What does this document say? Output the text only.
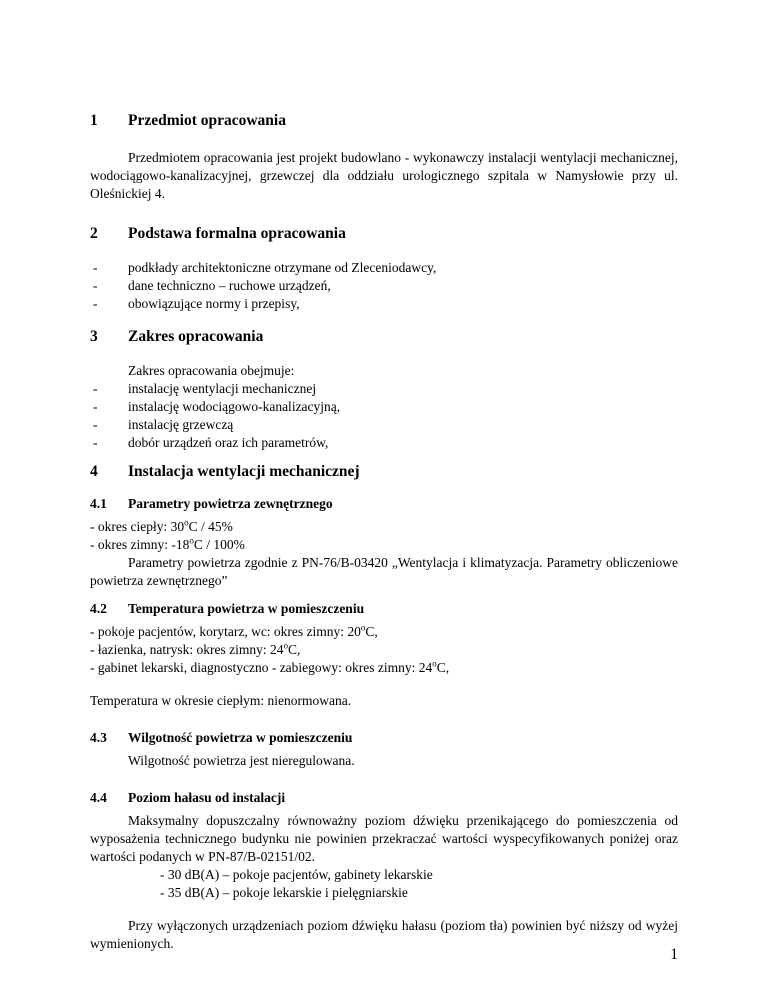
1 Przedmiot opracowania
Przedmiotem opracowania jest projekt budowlano - wykonawczy instalacji wentylacji mechanicznej, wodociągowo-kanalizacyjnej, grzewczej dla oddziału urologicznego szpitala w Namysłowie przy ul. Oleśnickiej 4.
2 Podstawa formalna opracowania
- podkłady architektoniczne otrzymane od Zleceniodawcy,
- dane techniczno – ruchowe urządzeń,
- obowiązujące normy i przepisy,
3 Zakres opracowania
Zakres opracowania obejmuje:
- instalację wentylacji mechanicznej
- instalację wodociągowo-kanalizacyjną,
- instalację grzewczą
- dobór urządzeń oraz ich parametrów,
4 Instalacja wentylacji mechanicznej
4.1 Parametry powietrza zewnętrznego
- okres ciepły: 30$^o$C / 45%
- okres zimny: -18$^o$C / 100%
Parametry powietrza zgodnie z PN-76/B-03420 „Wentylacja i klimatyzacja. Parametry obliczeniowe powietrza zewnętrznego”
4.2 Temperatura powietrza w pomieszczeniu
- pokoje pacjentów, korytarz, wc: okres zimny: 20$^o$C,
- łazienka, natrysk: okres zimny: 24$^o$C,
- gabinet lekarski, diagnostyczno - zabiegowy: okres zimny: 24$^o$C,
Temperatura w okresie ciepłym: nienormowana.
4.3 Wilgotność powietrza w pomieszczeniu
Wilgotność powietrza jest nieregulowana.
4.4 Poziom hałasu od instalacji
Maksymalny dopuszczalny równoważny poziom dźwięku przenikającego do pomieszczenia od wyposażenia technicznego budynku nie powinien przekraczać wartości wyspecyfikowanych poniżej oraz wartości podanych w PN-87/B-02151/02.
- 30 dB(A) – pokoje pacjentów, gabinety lekarskie
- 35 dB(A) – pokoje lekarskie i pielęgniarskie
Przy wyłączonych urządzeniach poziom dźwięku hałasu (poziom tła) powinien być niższy od wyżej wymienionych.
1
